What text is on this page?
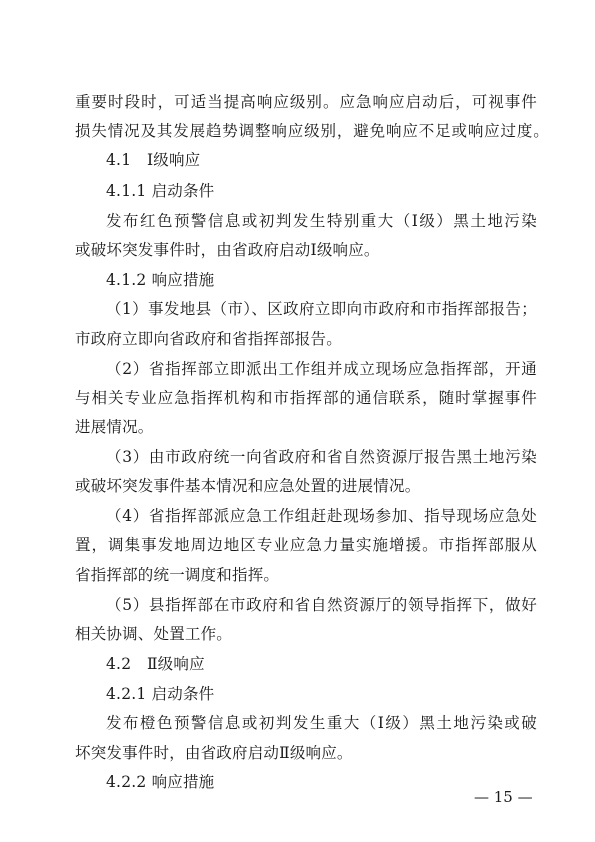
重要时段时，可适当提高响应级别。应急响应启动后，可视事件
损失情况及其发展趋势调整响应级别，避免响应不足或响应过度。
4.1　Ⅰ级响应
4.1.1 启动条件
发布红色预警信息或初判发生特别重大（Ⅰ级）黑土地污染
或破坏突发事件时，由省政府启动Ⅰ级响应。
4.1.2 响应措施
（1）事发地县（市）、区政府立即向市政府和市指挥部报告；
市政府立即向省政府和省指挥部报告。
（2）省指挥部立即派出工作组并成立现场应急指挥部，开通
与相关专业应急指挥机构和市指挥部的通信联系，随时掌握事件
进展情况。
（3）由市政府统一向省政府和省自然资源厅报告黑土地污染
或破坏突发事件基本情况和应急处置的进展情况。
（4）省指挥部派应急工作组赶赴现场参加、指导现场应急处
置，调集事发地周边地区专业应急力量实施增援。市指挥部服从
省指挥部的统一调度和指挥。
（5）县指挥部在市政府和省自然资源厅的领导指挥下，做好
相关协调、处置工作。
4.2　Ⅱ级响应
4.2.1 启动条件
发布橙色预警信息或初判发生重大（Ⅰ级）黑土地污染或破
坏突发事件时，由省政府启动Ⅱ级响应。
4.2.2 响应措施
— 15 —
